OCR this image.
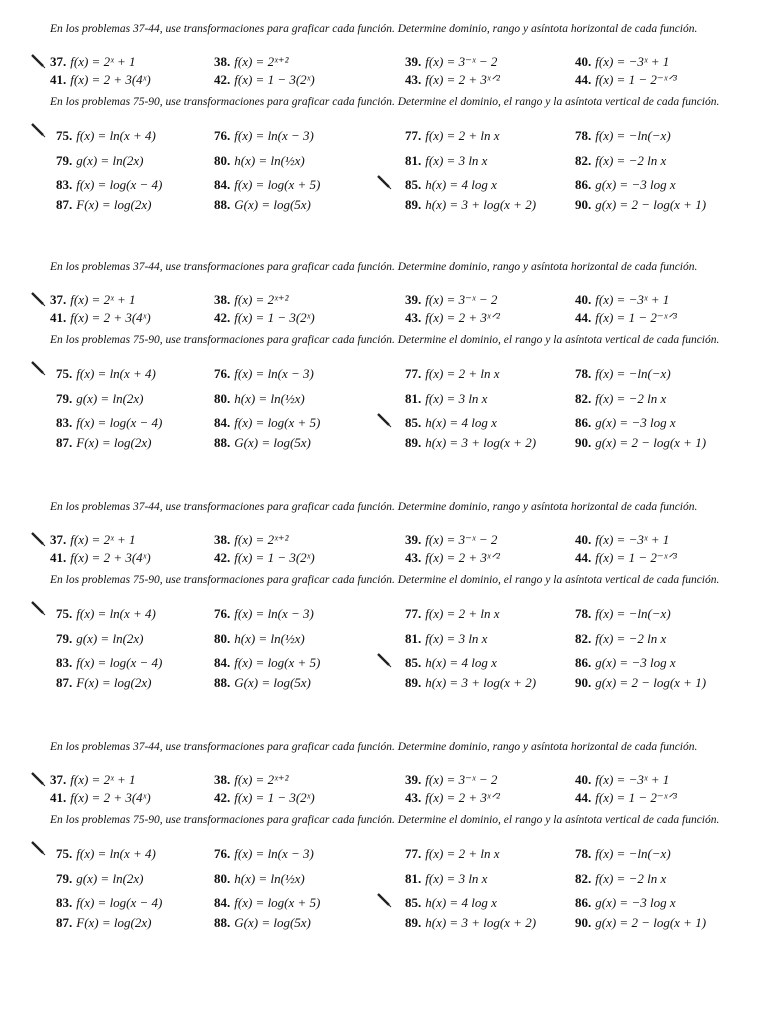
En los problemas 37-44, use transformaciones para graficar cada función. Determine dominio, rango y asíntota horizontal de cada función.

37. f(x) = 2ˣ + 1	38. f(x) = 2ˣ⁺²	39. f(x) = 3⁻ˣ − 2	40. f(x) = −3ˣ + 1
41. f(x) = 2 + 3(4ˣ)	42. f(x) = 1 − 3(2ˣ)	43. f(x) = 2 + 3ˣᐟ²	44. f(x) = 1 − 2⁻ˣᐟ³

En los problemas 75-90, use transformaciones para graficar cada función. Determine el dominio, el rango y la asíntota vertical de cada función.

75. f(x) = ln(x + 4)	76. f(x) = ln(x − 3)	77. f(x) = 2 + ln x	78. f(x) = −ln(−x)
79. g(x) = ln(2x)	80. h(x) = ln(½x)	81. f(x) = 3 ln x	82. f(x) = −2 ln x
83. f(x) = log(x − 4)	84. f(x) = log(x + 5)	85. h(x) = 4 log x	86. g(x) = −3 log x
87. F(x) = log(2x)	88. G(x) = log(5x)	89. h(x) = 3 + log(x + 2)	90. g(x) = 2 − log(x + 1)

En los problemas 37-44, use transformaciones para graficar cada función. Determine dominio, rango y asíntota horizontal de cada función.

37. f(x) = 2ˣ + 1	38. f(x) = 2ˣ⁺²	39. f(x) = 3⁻ˣ − 2	40. f(x) = −3ˣ + 1
41. f(x) = 2 + 3(4ˣ)	42. f(x) = 1 − 3(2ˣ)	43. f(x) = 2 + 3ˣᐟ²	44. f(x) = 1 − 2⁻ˣᐟ³

En los problemas 75-90, use transformaciones para graficar cada función. Determine el dominio, el rango y la asíntota vertical de cada función.

75. f(x) = ln(x + 4)	76. f(x) = ln(x − 3)	77. f(x) = 2 + ln x	78. f(x) = −ln(−x)
79. g(x) = ln(2x)	80. h(x) = ln(½x)	81. f(x) = 3 ln x	82. f(x) = −2 ln x
83. f(x) = log(x − 4)	84. f(x) = log(x + 5)	85. h(x) = 4 log x	86. g(x) = −3 log x
87. F(x) = log(2x)	88. G(x) = log(5x)	89. h(x) = 3 + log(x + 2)	90. g(x) = 2 − log(x + 1)

En los problemas 37-44, use transformaciones para graficar cada función. Determine dominio, rango y asíntota horizontal de cada función.

37. f(x) = 2ˣ + 1	38. f(x) = 2ˣ⁺²	39. f(x) = 3⁻ˣ − 2	40. f(x) = −3ˣ + 1
41. f(x) = 2 + 3(4ˣ)	42. f(x) = 1 − 3(2ˣ)	43. f(x) = 2 + 3ˣᐟ²	44. f(x) = 1 − 2⁻ˣᐟ³

En los problemas 75-90, use transformaciones para graficar cada función. Determine el dominio, el rango y la asíntota vertical de cada función.

75. f(x) = ln(x + 4)	76. f(x) = ln(x − 3)	77. f(x) = 2 + ln x	78. f(x) = −ln(−x)
79. g(x) = ln(2x)	80. h(x) = ln(½x)	81. f(x) = 3 ln x	82. f(x) = −2 ln x
83. f(x) = log(x − 4)	84. f(x) = log(x + 5)	85. h(x) = 4 log x	86. g(x) = −3 log x
87. F(x) = log(2x)	88. G(x) = log(5x)	89. h(x) = 3 + log(x + 2)	90. g(x) = 2 − log(x + 1)

En los problemas 37-44, use transformaciones para graficar cada función. Determine dominio, rango y asíntota horizontal de cada función.

37. f(x) = 2ˣ + 1	38. f(x) = 2ˣ⁺²	39. f(x) = 3⁻ˣ − 2	40. f(x) = −3ˣ + 1
41. f(x) = 2 + 3(4ˣ)	42. f(x) = 1 − 3(2ˣ)	43. f(x) = 2 + 3ˣᐟ²	44. f(x) = 1 − 2⁻ˣᐟ³

En los problemas 75-90, use transformaciones para graficar cada función. Determine el dominio, el rango y la asíntota vertical de cada función.

75. f(x) = ln(x + 4)	76. f(x) = ln(x − 3)	77. f(x) = 2 + ln x	78. f(x) = −ln(−x)
79. g(x) = ln(2x)	80. h(x) = ln(½x)	81. f(x) = 3 ln x	82. f(x) = −2 ln x
83. f(x) = log(x − 4)	84. f(x) = log(x + 5)	85. h(x) = 4 log x	86. g(x) = −3 log x
87. F(x) = log(2x)	88. G(x) = log(5x)	89. h(x) = 3 + log(x + 2)	90. g(x) = 2 − log(x + 1)
